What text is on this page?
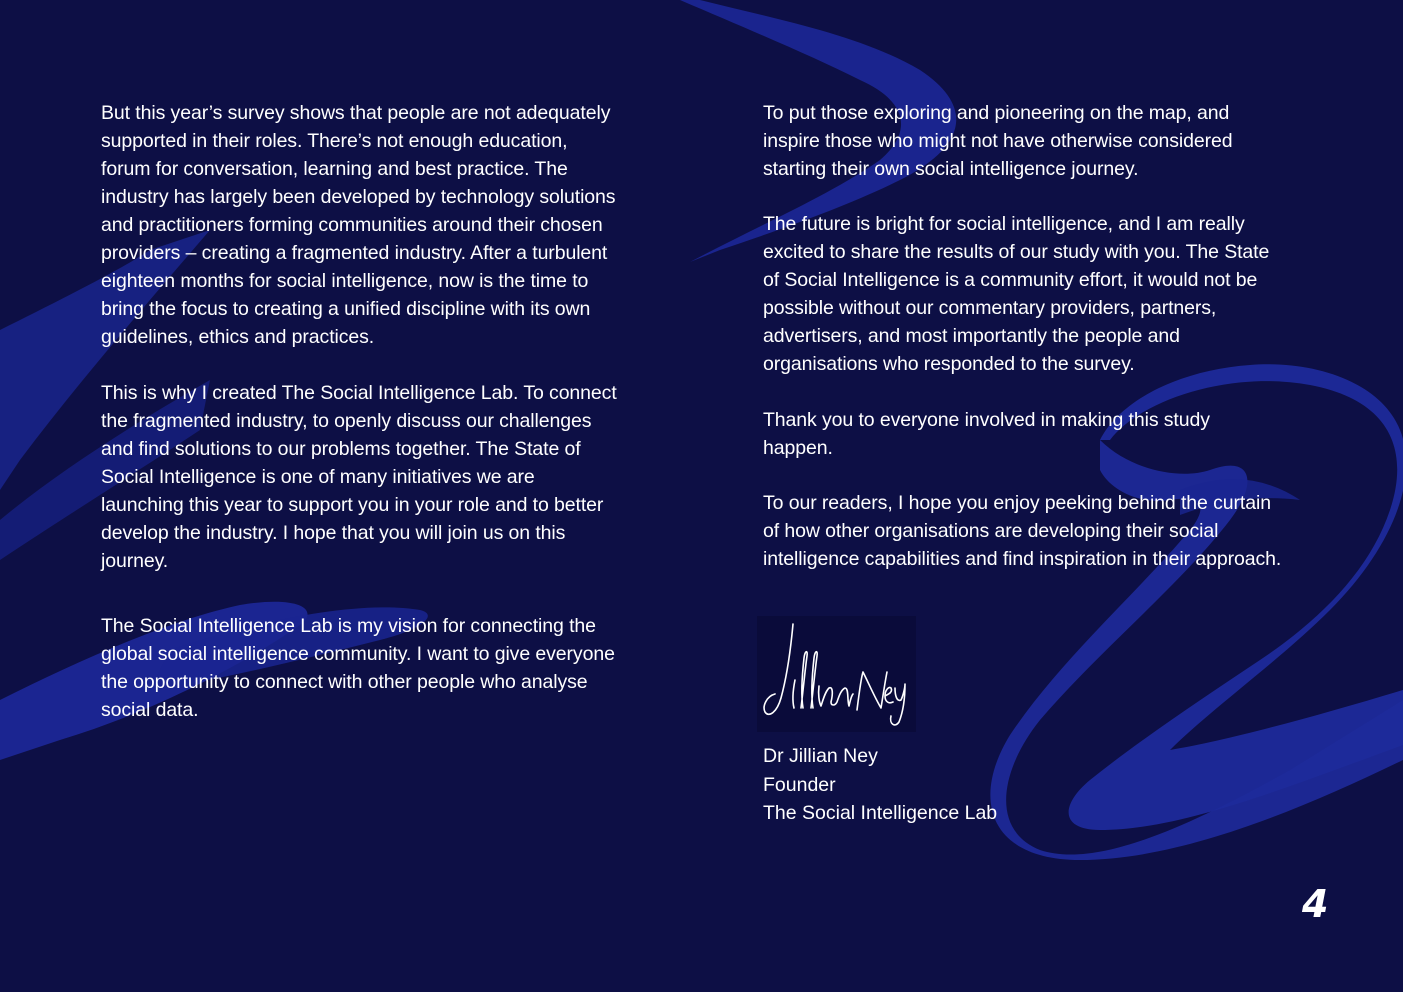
But this year’s survey shows that people are not adequately
supported in their roles. There’s not enough education,
forum for conversation, learning and best practice. The
industry has largely been developed by technology solutions
and practitioners forming communities around their chosen
providers – creating a fragmented industry. After a turbulent
eighteen months for social intelligence, now is the time to
bring the focus to creating a unified discipline with its own
guidelines, ethics and practices.

This is why I created The Social Intelligence Lab. To connect
the fragmented industry, to openly discuss our challenges
and find solutions to our problems together. The State of
Social Intelligence is one of many initiatives we are
launching this year to support you in your role and to better
develop the industry. I hope that you will join us on this
journey.

The Social Intelligence Lab is my vision for connecting the
global social intelligence community. I want to give everyone
the opportunity to connect with other people who analyse
social data.

To put those exploring and pioneering on the map, and
inspire those who might not have otherwise considered
starting their own social intelligence journey.

The future is bright for social intelligence, and I am really
excited to share the results of our study with you. The State
of Social Intelligence is a community effort, it would not be
possible without our commentary providers, partners,
advertisers, and most importantly the people and
organisations who responded to the survey.

Thank you to everyone involved in making this study
happen.

To our readers, I hope you enjoy peeking behind the curtain
of how other organisations are developing their social
intelligence capabilities and find inspiration in their approach.

Dr Jillian Ney
Founder
The Social Intelligence Lab
4
